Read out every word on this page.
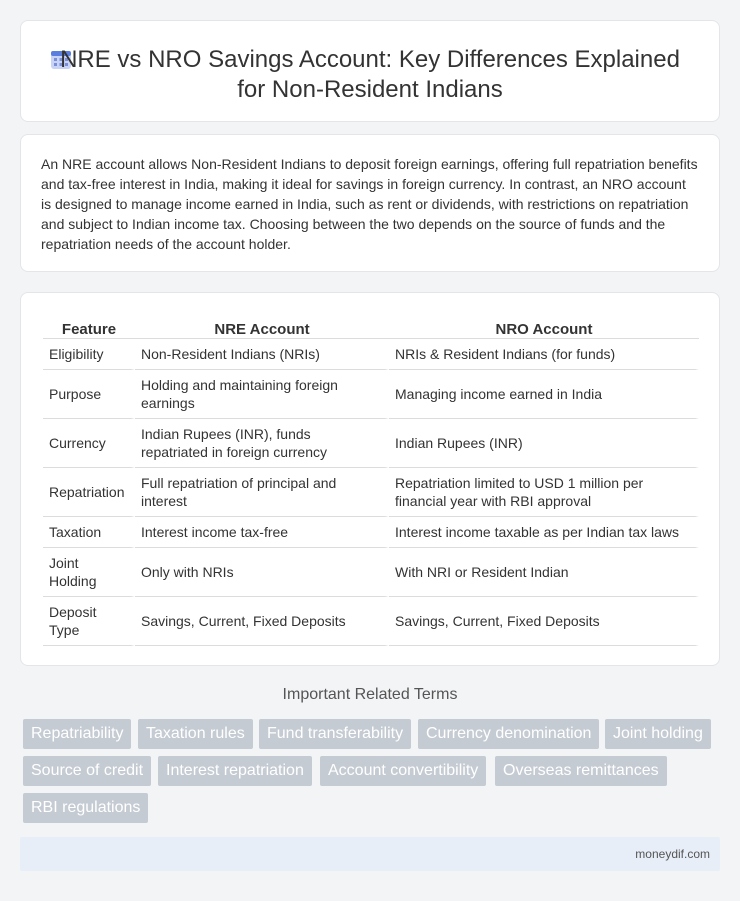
NRE vs NRO Savings Account: Key Differences Explained
for Non-Resident Indians

An NRE account allows Non-Resident Indians to deposit foreign earnings, offering full repatriation benefits and tax-free interest in India, making it ideal for savings in foreign currency. In contrast, an NRO account is designed to manage income earned in India, such as rent or dividends, with restrictions on repatriation and subject to Indian income tax. Choosing between the two depends on the source of funds and the repatriation needs of the account holder.

Feature	NRE Account	NRO Account
Eligibility	Non-Resident Indians (NRIs)	NRIs & Resident Indians (for funds)
Purpose	Holding and maintaining foreign earnings	Managing income earned in India
Currency	Indian Rupees (INR), funds repatriated in foreign currency	Indian Rupees (INR)
Repatriation	Full repatriation of principal and interest	Repatriation limited to USD 1 million per financial year with RBI approval
Taxation	Interest income tax-free	Interest income taxable as per Indian tax laws
Joint Holding	Only with NRIs	With NRI or Resident Indian
Deposit Type	Savings, Current, Fixed Deposits	Savings, Current, Fixed Deposits
Important Related Terms
Repatriability	Taxation rules	Fund transferability	Currency denomination	Joint holding
Source of credit	Interest repatriation	Account convertibility	Overseas remittances
RBI regulations
moneydif.com
